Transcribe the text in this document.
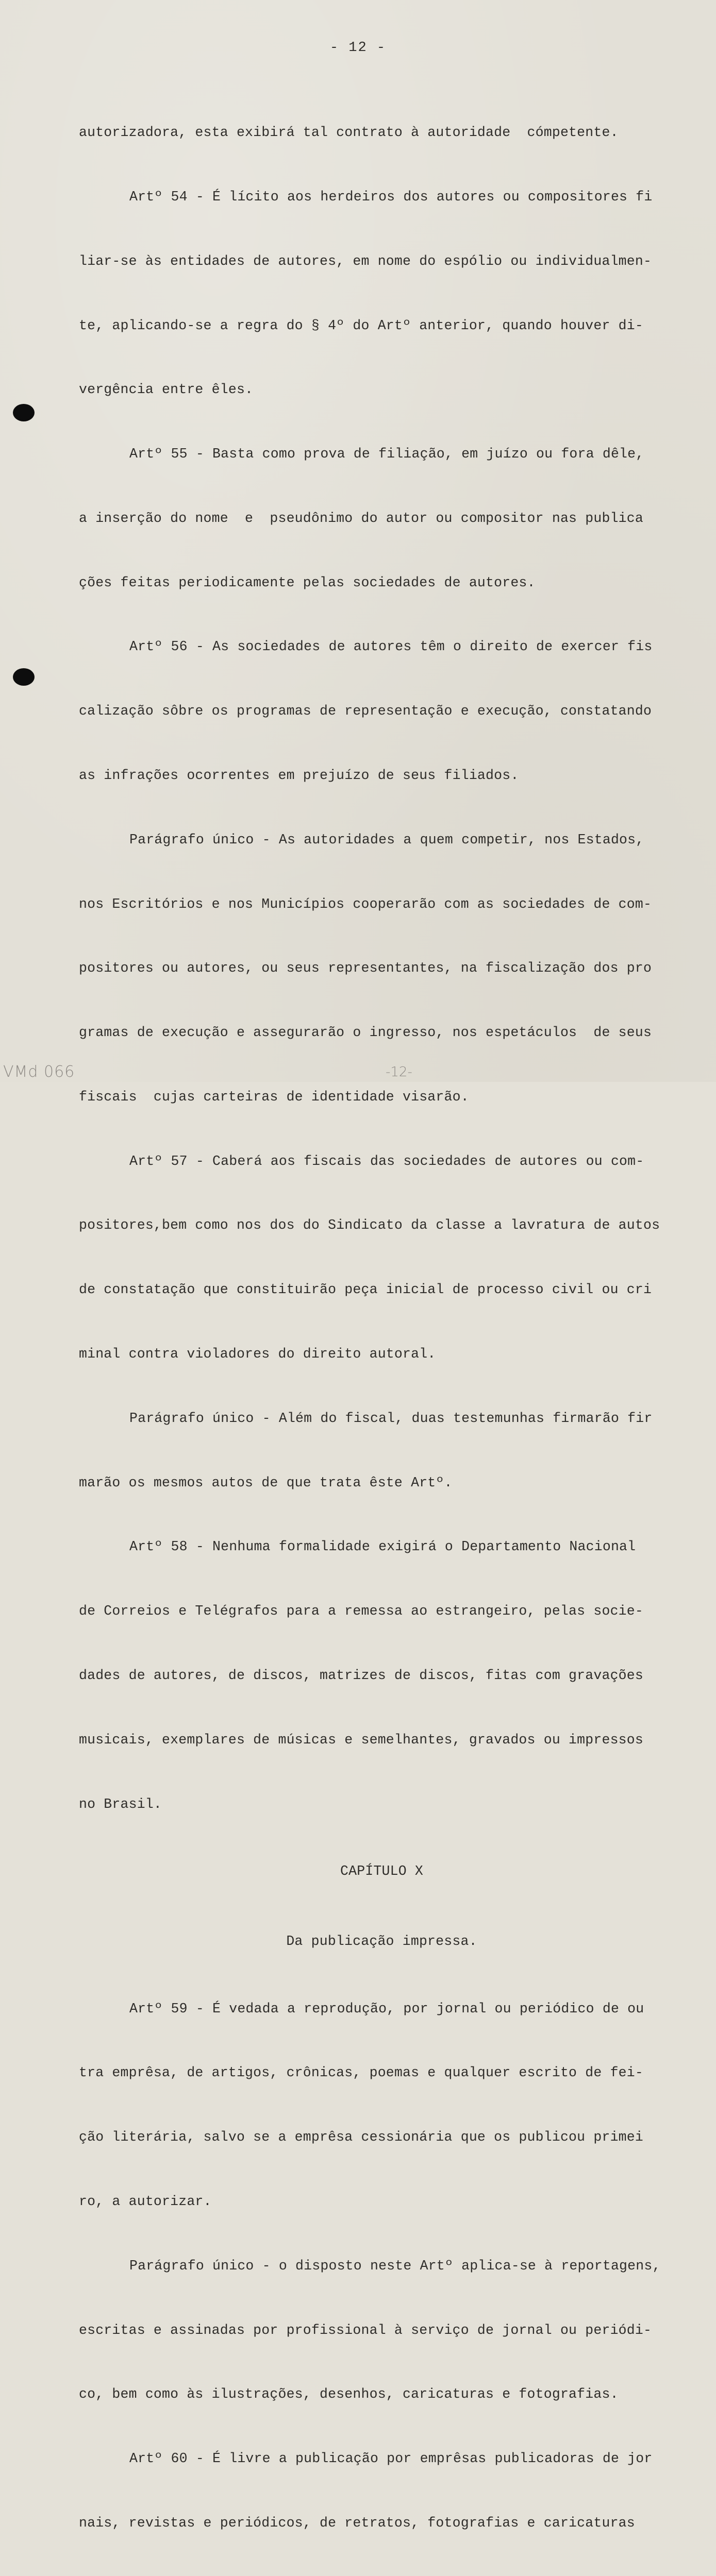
- 12 -

autorizadora, esta exibirá tal contrato à autoridade  cómpetente.

Artº 54 - É lícito aos herdeiros dos autores ou compositores fi

liar-se às entidades de autores, em nome do espólio ou individualmen-

te, aplicando-se a regra do § 4º do Artº anterior, quando houver di-

vergência entre êles.

Artº 55 - Basta como prova de filiação, em juízo ou fora dêle,

a inserção do nome  e  pseudônimo do autor ou compositor nas publica

ções feitas periodicamente pelas sociedades de autores.

Artº 56 - As sociedades de autores têm o direito de exercer fis

calização sôbre os programas de representação e execução, constatando

as infrações ocorrentes em prejuízo de seus filiados.

Parágrafo único - As autoridades a quem competir, nos Estados,

nos Escritórios e nos Municípios cooperarão com as sociedades de com-

positores ou autores, ou seus representantes, na fiscalização dos pro

gramas de execução e assegurarão o ingresso, nos espetáculos  de seus

fiscais  cujas carteiras de identidade visarão.

Artº 57 - Caberá aos fiscais das sociedades de autores ou com-

positores,bem como nos dos do Sindicato da classe a lavratura de autos

de constatação que constituirão peça inicial de processo civil ou cri

minal contra violadores do direito autoral.

Parágrafo único - Além do fiscal, duas testemunhas firmarão fir

marão os mesmos autos de que trata êste Artº.

Artº 58 - Nenhuma formalidade exigirá o Departamento Nacional

de Correios e Telégrafos para a remessa ao estrangeiro, pelas socie-

dades de autores, de discos, matrizes de discos, fitas com gravações

musicais, exemplares de músicas e semelhantes, gravados ou impressos

no Brasil.

CAPÍTULO X

Da publicação impressa.

Artº 59 - É vedada a reprodução, por jornal ou periódico de ou

tra emprêsa, de artigos, crônicas, poemas e qualquer escrito de fei-

ção literária, salvo se a emprêsa cessionária que os publicou primei

ro, a autorizar.

Parágrafo único - o disposto neste Artº aplica-se à reportagens,

escritas e assinadas por profissional à serviço de jornal ou periódi-

co, bem como às ilustrações, desenhos, caricaturas e fotografias.

Artº 60 - É livre a publicação por emprêsas publicadoras de jor

nais, revistas e periódicos, de retratos, fotografias e caricaturas

VMd 066	-12-
